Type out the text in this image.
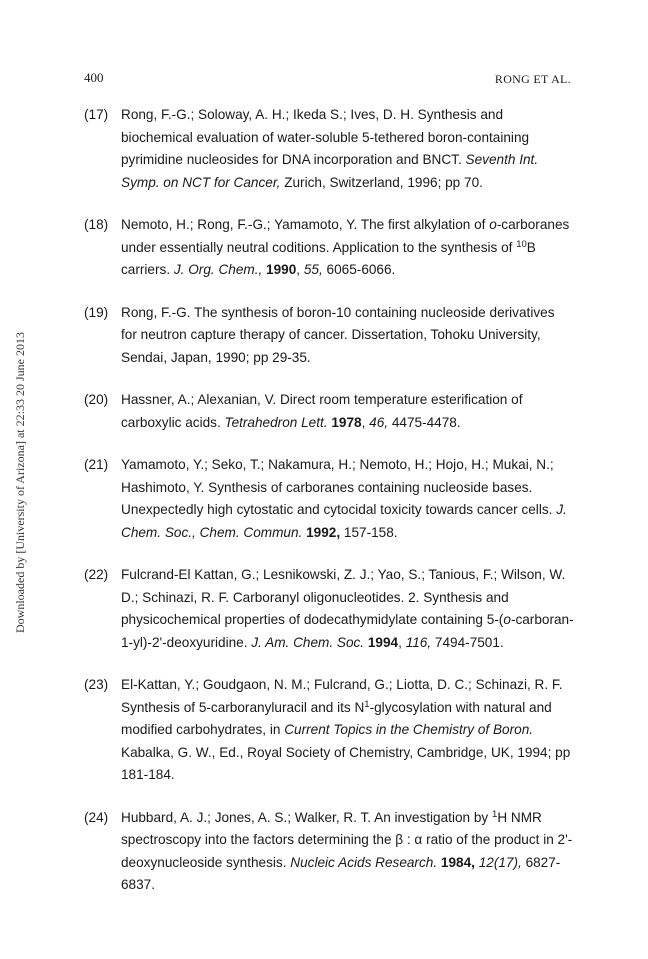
400	RONG ET AL.
Downloaded by [University of Arizona] at 22:33 20 June 2013
(17) Rong, F.-G.; Soloway, A. H.; Ikeda S.; Ives, D. H. Synthesis and biochemical evaluation of water-soluble 5-tethered boron-containing pyrimidine nucleosides for DNA incorporation and BNCT. Seventh Int. Symp. on NCT for Cancer, Zurich, Switzerland, 1996; pp 70.
(18) Nemoto, H.; Rong, F.-G.; Yamamoto, Y. The first alkylation of o-carboranes under essentially neutral coditions. Application to the synthesis of $^{10}$B carriers. J. Org. Chem., 1990, 55, 6065-6066.
(19) Rong, F.-G. The synthesis of boron-10 containing nucleoside derivatives for neutron capture therapy of cancer. Dissertation, Tohoku University, Sendai, Japan, 1990; pp 29-35.
(20) Hassner, A.; Alexanian, V. Direct room temperature esterification of carboxylic acids. Tetrahedron Lett. 1978, 46, 4475-4478.
(21) Yamamoto, Y.; Seko, T.; Nakamura, H.; Nemoto, H.; Hojo, H.; Mukai, N.; Hashimoto, Y. Synthesis of carboranes containing nucleoside bases. Unexpectedly high cytostatic and cytocidal toxicity towards cancer cells. J. Chem. Soc., Chem. Commun. 1992, 157-158.
(22) Fulcrand-El Kattan, G.; Lesnikowski, Z. J.; Yao, S.; Tanious, F.; Wilson, W. D.; Schinazi, R. F. Carboranyl oligonucleotides. 2. Synthesis and physicochemical properties of dodecathymidylate containing 5-(o-carboran-1-yl)-2'-deoxyuridine. J. Am. Chem. Soc. 1994, 116, 7494-7501.
(23) El-Kattan, Y.; Goudgaon, N. M.; Fulcrand, G.; Liotta, D. C.; Schinazi, R. F. Synthesis of 5-carboranyluracil and its $N^1$-glycosylation with natural and modified carbohydrates, in Current Topics in the Chemistry of Boron. Kabalka, G. W., Ed., Royal Society of Chemistry, Cambridge, UK, 1994; pp 181-184.
(24) Hubbard, A. J.; Jones, A. S.; Walker, R. T. An investigation by $^1$H NMR spectroscopy into the factors determining the β : α ratio of the product in 2'-deoxynucleoside synthesis. Nucleic Acids Research. 1984, 12(17), 6827-6837.
